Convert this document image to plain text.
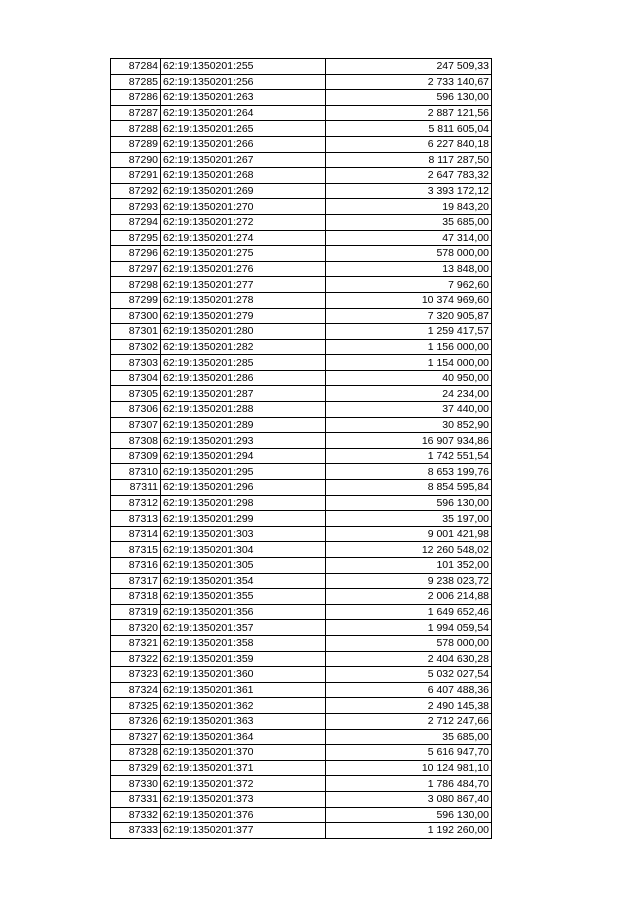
87284	62:19:1350201:255	247 509,33
87285	62:19:1350201:256	2 733 140,67
87286	62:19:1350201:263	596 130,00
87287	62:19:1350201:264	2 887 121,56
87288	62:19:1350201:265	5 811 605,04
87289	62:19:1350201:266	6 227 840,18
87290	62:19:1350201:267	8 117 287,50
87291	62:19:1350201:268	2 647 783,32
87292	62:19:1350201:269	3 393 172,12
87293	62:19:1350201:270	19 843,20
87294	62:19:1350201:272	35 685,00
87295	62:19:1350201:274	47 314,00
87296	62:19:1350201:275	578 000,00
87297	62:19:1350201:276	13 848,00
87298	62:19:1350201:277	7 962,60
87299	62:19:1350201:278	10 374 969,60
87300	62:19:1350201:279	7 320 905,87
87301	62:19:1350201:280	1 259 417,57
87302	62:19:1350201:282	1 156 000,00
87303	62:19:1350201:285	1 154 000,00
87304	62:19:1350201:286	40 950,00
87305	62:19:1350201:287	24 234,00
87306	62:19:1350201:288	37 440,00
87307	62:19:1350201:289	30 852,90
87308	62:19:1350201:293	16 907 934,86
87309	62:19:1350201:294	1 742 551,54
87310	62:19:1350201:295	8 653 199,76
87311	62:19:1350201:296	8 854 595,84
87312	62:19:1350201:298	596 130,00
87313	62:19:1350201:299	35 197,00
87314	62:19:1350201:303	9 001 421,98
87315	62:19:1350201:304	12 260 548,02
87316	62:19:1350201:305	101 352,00
87317	62:19:1350201:354	9 238 023,72
87318	62:19:1350201:355	2 006 214,88
87319	62:19:1350201:356	1 649 652,46
87320	62:19:1350201:357	1 994 059,54
87321	62:19:1350201:358	578 000,00
87322	62:19:1350201:359	2 404 630,28
87323	62:19:1350201:360	5 032 027,54
87324	62:19:1350201:361	6 407 488,36
87325	62:19:1350201:362	2 490 145,38
87326	62:19:1350201:363	2 712 247,66
87327	62:19:1350201:364	35 685,00
87328	62:19:1350201:370	5 616 947,70
87329	62:19:1350201:371	10 124 981,10
87330	62:19:1350201:372	1 786 484,70
87331	62:19:1350201:373	3 080 867,40
87332	62:19:1350201:376	596 130,00
87333	62:19:1350201:377	1 192 260,00
